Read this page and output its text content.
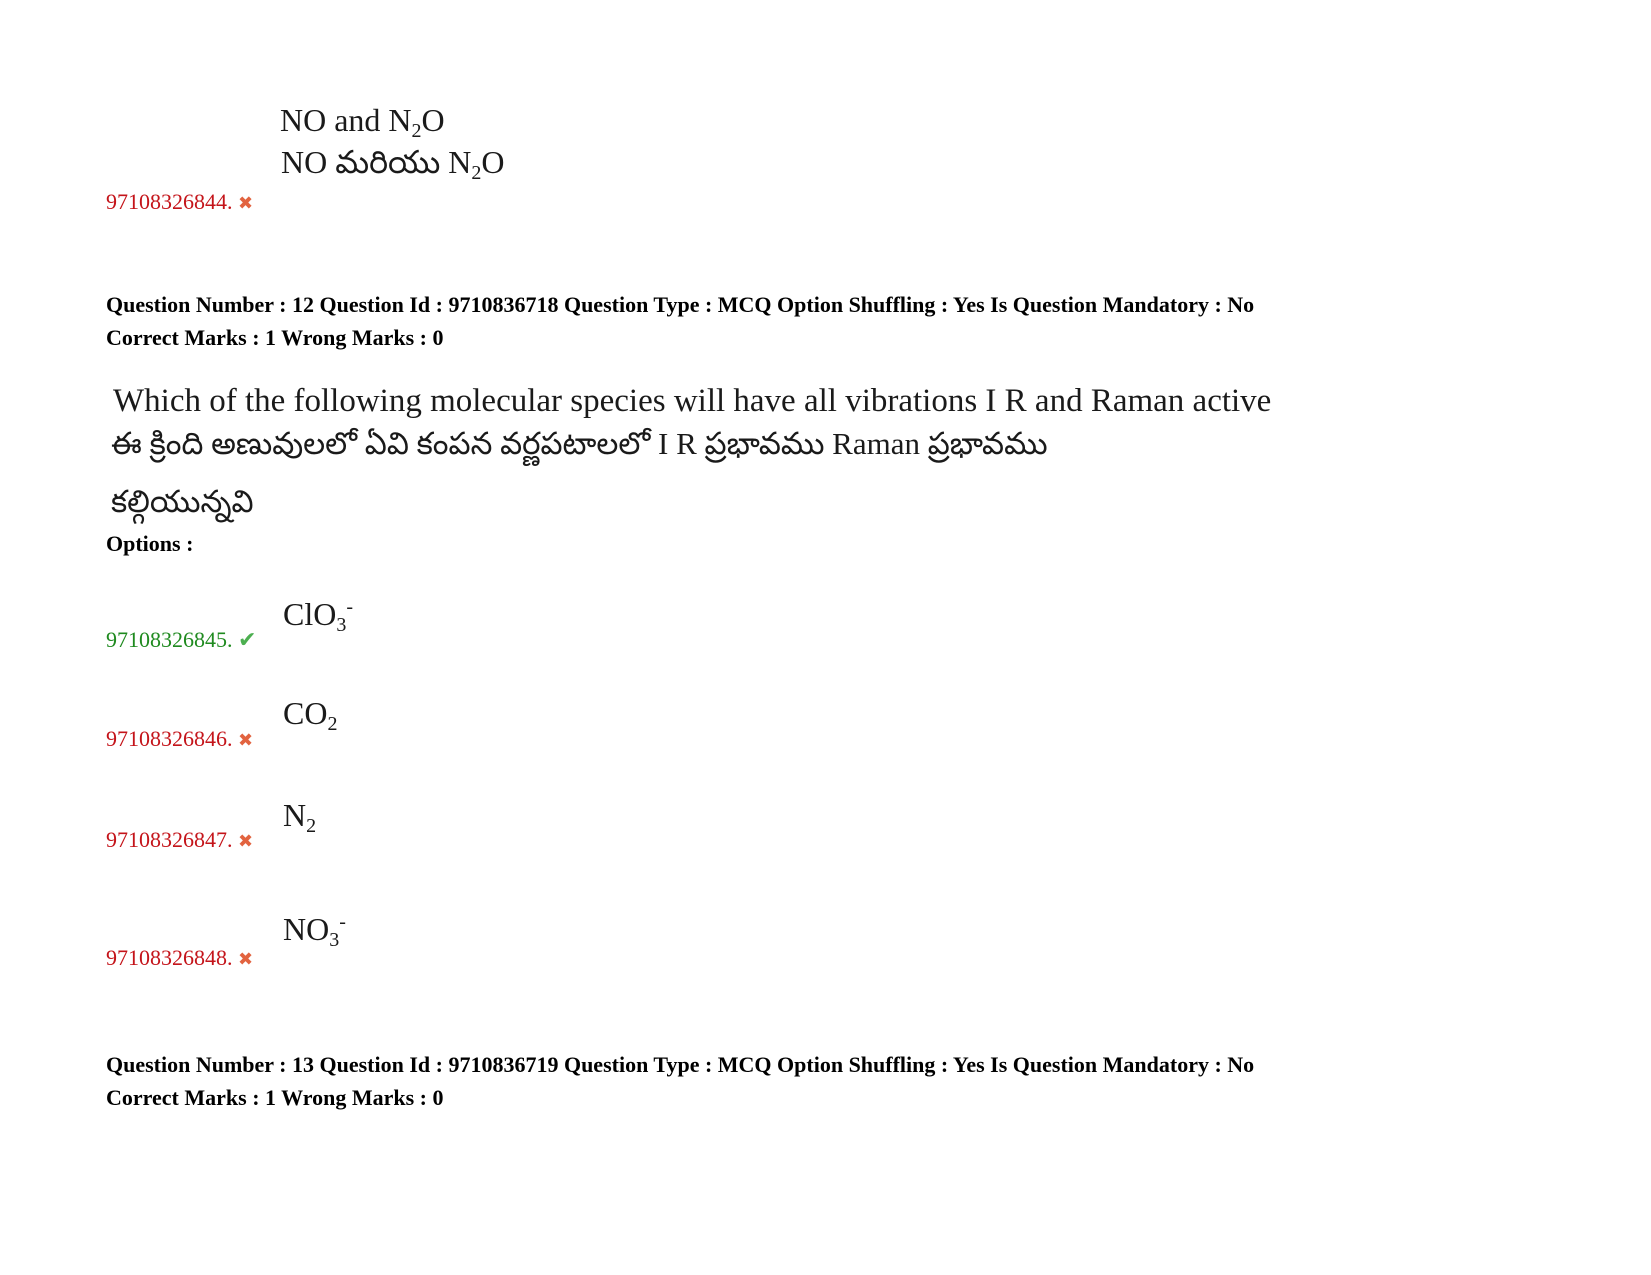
NO and $N_2O$
NO మరియు $N_2O$
97108326844. ✖
Question Number : 12 Question Id : 9710836718 Question Type : MCQ Option Shuffling : Yes Is Question Mandatory : No
Correct Marks : 1 Wrong Marks : 0
Which of the following molecular species will have all vibrations I R and Raman active
ఈ క్రింది అణువులలో ఏవి కంపన వర్ణపటాలలో I R ప్రభావము Raman ప్రభావము
కల్గియున్నవి
Options :
ClO$_3$-
97108326845. ✔
$CO_2$
97108326846. ✖
$N_2$
97108326847. ✖
$NO_3^-$
97108326848. ✖
Question Number : 13 Question Id : 9710836719 Question Type : MCQ Option Shuffling : Yes Is Question Mandatory : No
Correct Marks : 1 Wrong Marks : 0
